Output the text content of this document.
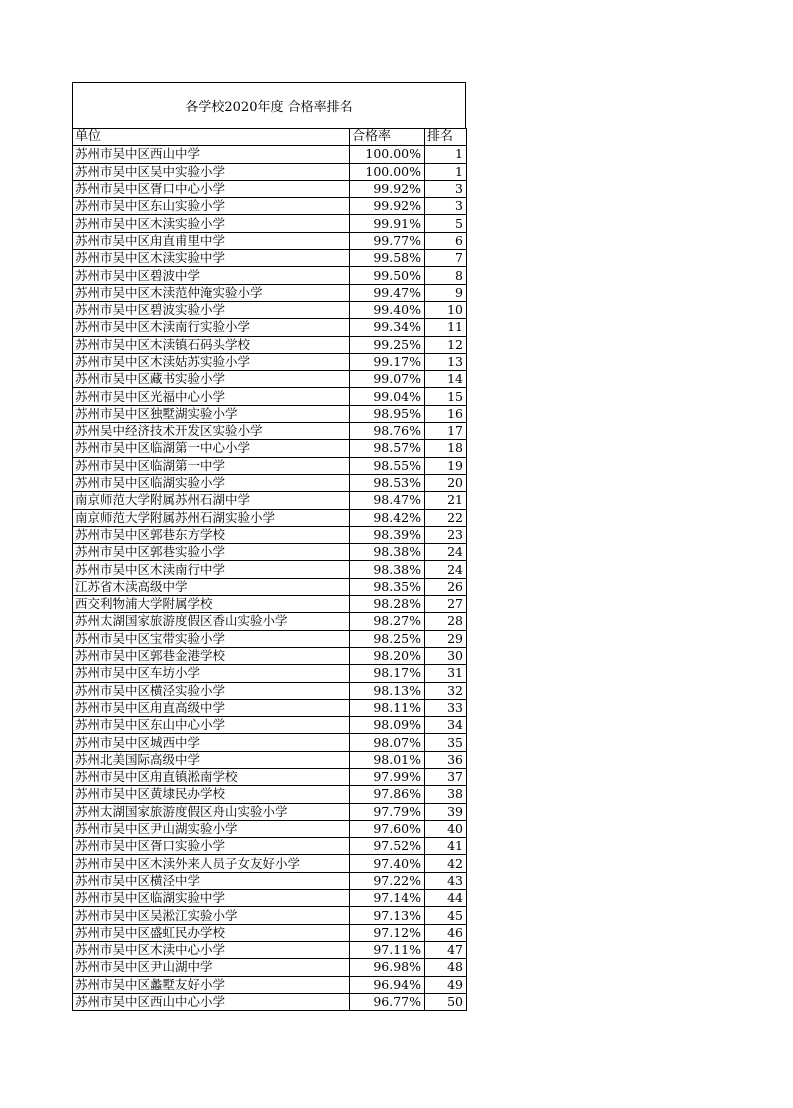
各学校2020年度 合格率排名
单位	合格率	排名
苏州市吴中区西山中学	100.00%	1
苏州市吴中区吴中实验小学	100.00%	1
苏州市吴中区胥口中心小学	99.92%	3
苏州市吴中区东山实验小学	99.92%	3
苏州市吴中区木渎实验小学	99.91%	5
苏州市吴中区甪直甫里中学	99.77%	6
苏州市吴中区木渎实验中学	99.58%	7
苏州市吴中区碧波中学	99.50%	8
苏州市吴中区木渎范仲淹实验小学	99.47%	9
苏州市吴中区碧波实验小学	99.40%	10
苏州市吴中区木渎南行实验小学	99.34%	11
苏州市吴中区木渎镇石码头学校	99.25%	12
苏州市吴中区木渎姑苏实验小学	99.17%	13
苏州市吴中区藏书实验小学	99.07%	14
苏州市吴中区光福中心小学	99.04%	15
苏州市吴中区独墅湖实验小学	98.95%	16
苏州吴中经济技术开发区实验小学	98.76%	17
苏州市吴中区临湖第一中心小学	98.57%	18
苏州市吴中区临湖第一中学	98.55%	19
苏州市吴中区临湖实验小学	98.53%	20
南京师范大学附属苏州石湖中学	98.47%	21
南京师范大学附属苏州石湖实验小学	98.42%	22
苏州市吴中区郭巷东方学校	98.39%	23
苏州市吴中区郭巷实验小学	98.38%	24
苏州市吴中区木渎南行中学	98.38%	24
江苏省木渎高级中学	98.35%	26
西交利物浦大学附属学校	98.28%	27
苏州太湖国家旅游度假区香山实验小学	98.27%	28
苏州市吴中区宝带实验小学	98.25%	29
苏州市吴中区郭巷金港学校	98.20%	30
苏州市吴中区车坊小学	98.17%	31
苏州市吴中区横泾实验小学	98.13%	32
苏州市吴中区甪直高级中学	98.11%	33
苏州市吴中区东山中心小学	98.09%	34
苏州市吴中区城西中学	98.07%	35
苏州北美国际高级中学	98.01%	36
苏州市吴中区甪直镇淞南学校	97.99%	37
苏州市吴中区黄埭民办学校	97.86%	38
苏州太湖国家旅游度假区舟山实验小学	97.79%	39
苏州市吴中区尹山湖实验小学	97.60%	40
苏州市吴中区胥口实验小学	97.52%	41
苏州市吴中区木渎外来人员子女友好小学	97.40%	42
苏州市吴中区横泾中学	97.22%	43
苏州市吴中区临湖实验中学	97.14%	44
苏州市吴中区吴淞江实验小学	97.13%	45
苏州市吴中区盛虹民办学校	97.12%	46
苏州市吴中区木渎中心小学	97.11%	47
苏州市吴中区尹山湖中学	96.98%	48
苏州市吴中区蠡墅友好小学	96.94%	49
苏州市吴中区西山中心小学	96.77%	50
